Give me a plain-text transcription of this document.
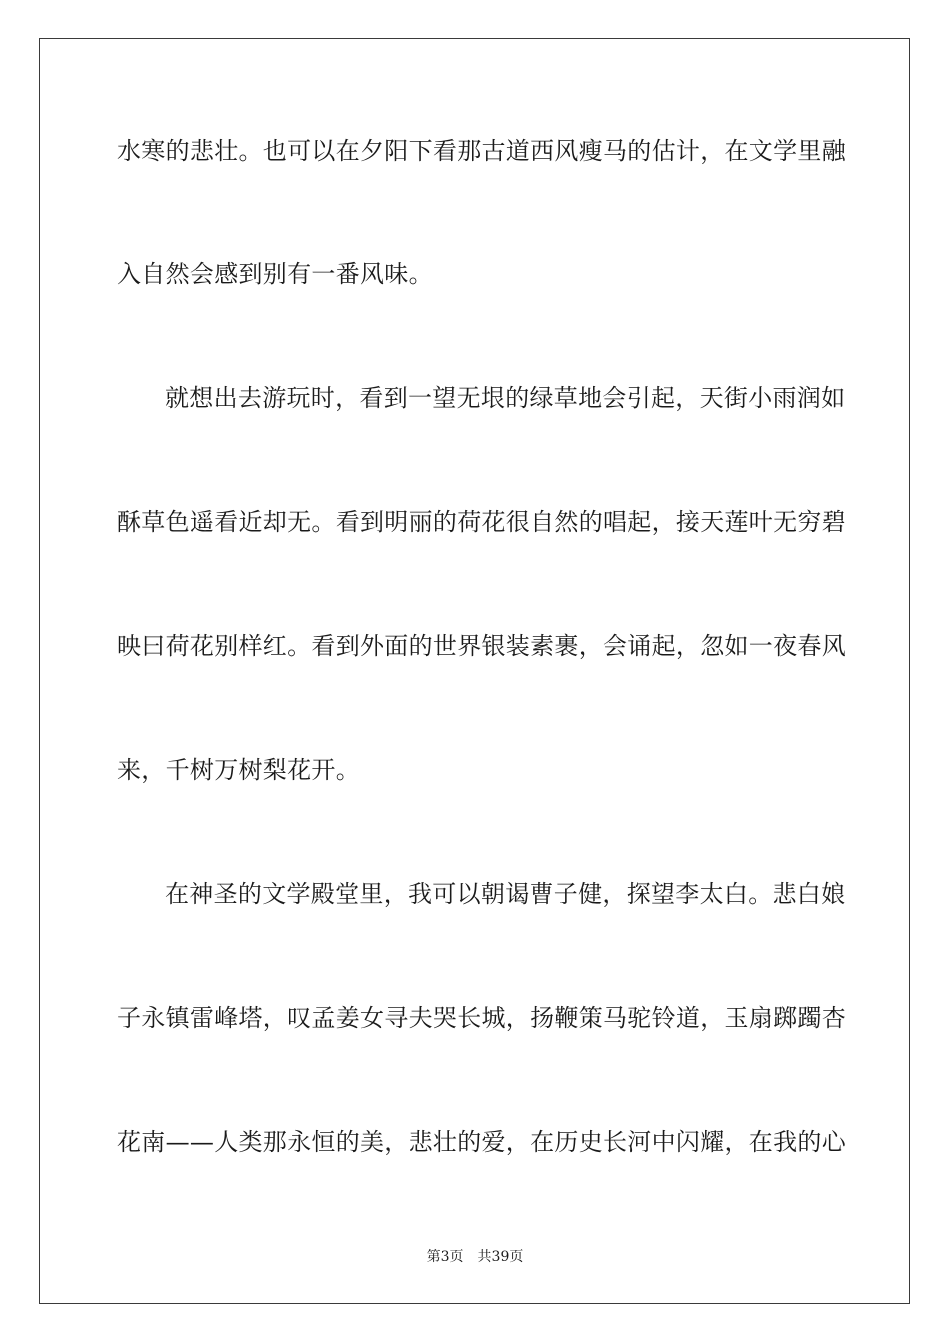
水寒的悲壮。也可以在夕阳下看那古道西风瘦马的估计，在文学里融
入自然会感到别有一番风味。
就想出去游玩时，看到一望无垠的绿草地会引起，天街小雨润如
酥草色遥看近却无。看到明丽的荷花很自然的唱起，接天莲叶无穷碧
映曰荷花别样红。看到外面的世界银装素裹，会诵起，忽如一夜春风
来，千树万树梨花开。
在神圣的文学殿堂里，我可以朝谒曹子健，探望李太白。悲白娘
子永镇雷峰塔，叹孟姜女寻夫哭长城，扬鞭策马驼铃道，玉扇踯躅杏
花南——人类那永恒的美，悲壮的爱，在历史长河中闪耀，在我的心
第3页 共39页
